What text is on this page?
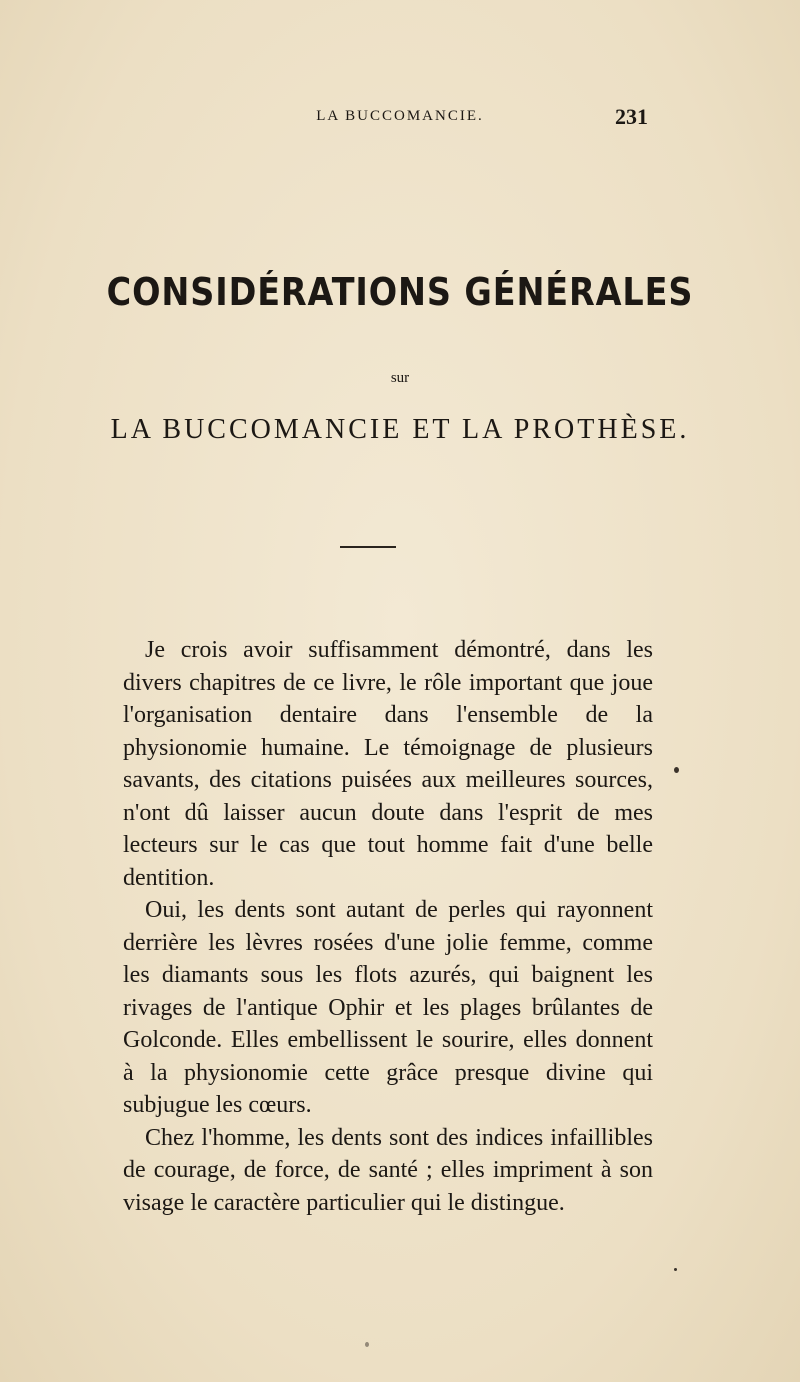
LA BUCCOMANCIE.	231
CONSIDÉRATIONS GÉNÉRALES
sur
LA BUCCOMANCIE ET LA PROTHÈSE.

Je crois avoir suffisamment démontré, dans les divers chapitres de ce livre, le rôle important que joue l'organisation dentaire dans l'ensemble de la physionomie humaine. Le témoignage de plusieurs savants, des citations puisées aux meilleures sources, n'ont dû laisser aucun doute dans l'esprit de mes lecteurs sur le cas que tout homme fait d'une belle dentition.

Oui, les dents sont autant de perles qui rayonnent derrière les lèvres rosées d'une jolie femme, comme les diamants sous les flots azurés, qui baignent les rivages de l'antique Ophir et les plages brûlantes de Golconde. Elles embellissent le sourire, elles donnent à la physionomie cette grâce presque divine qui subjugue les cœurs.

Chez l'homme, les dents sont des indices infaillibles de courage, de force, de santé ; elles impriment à son visage le caractère particulier qui le distingue.
